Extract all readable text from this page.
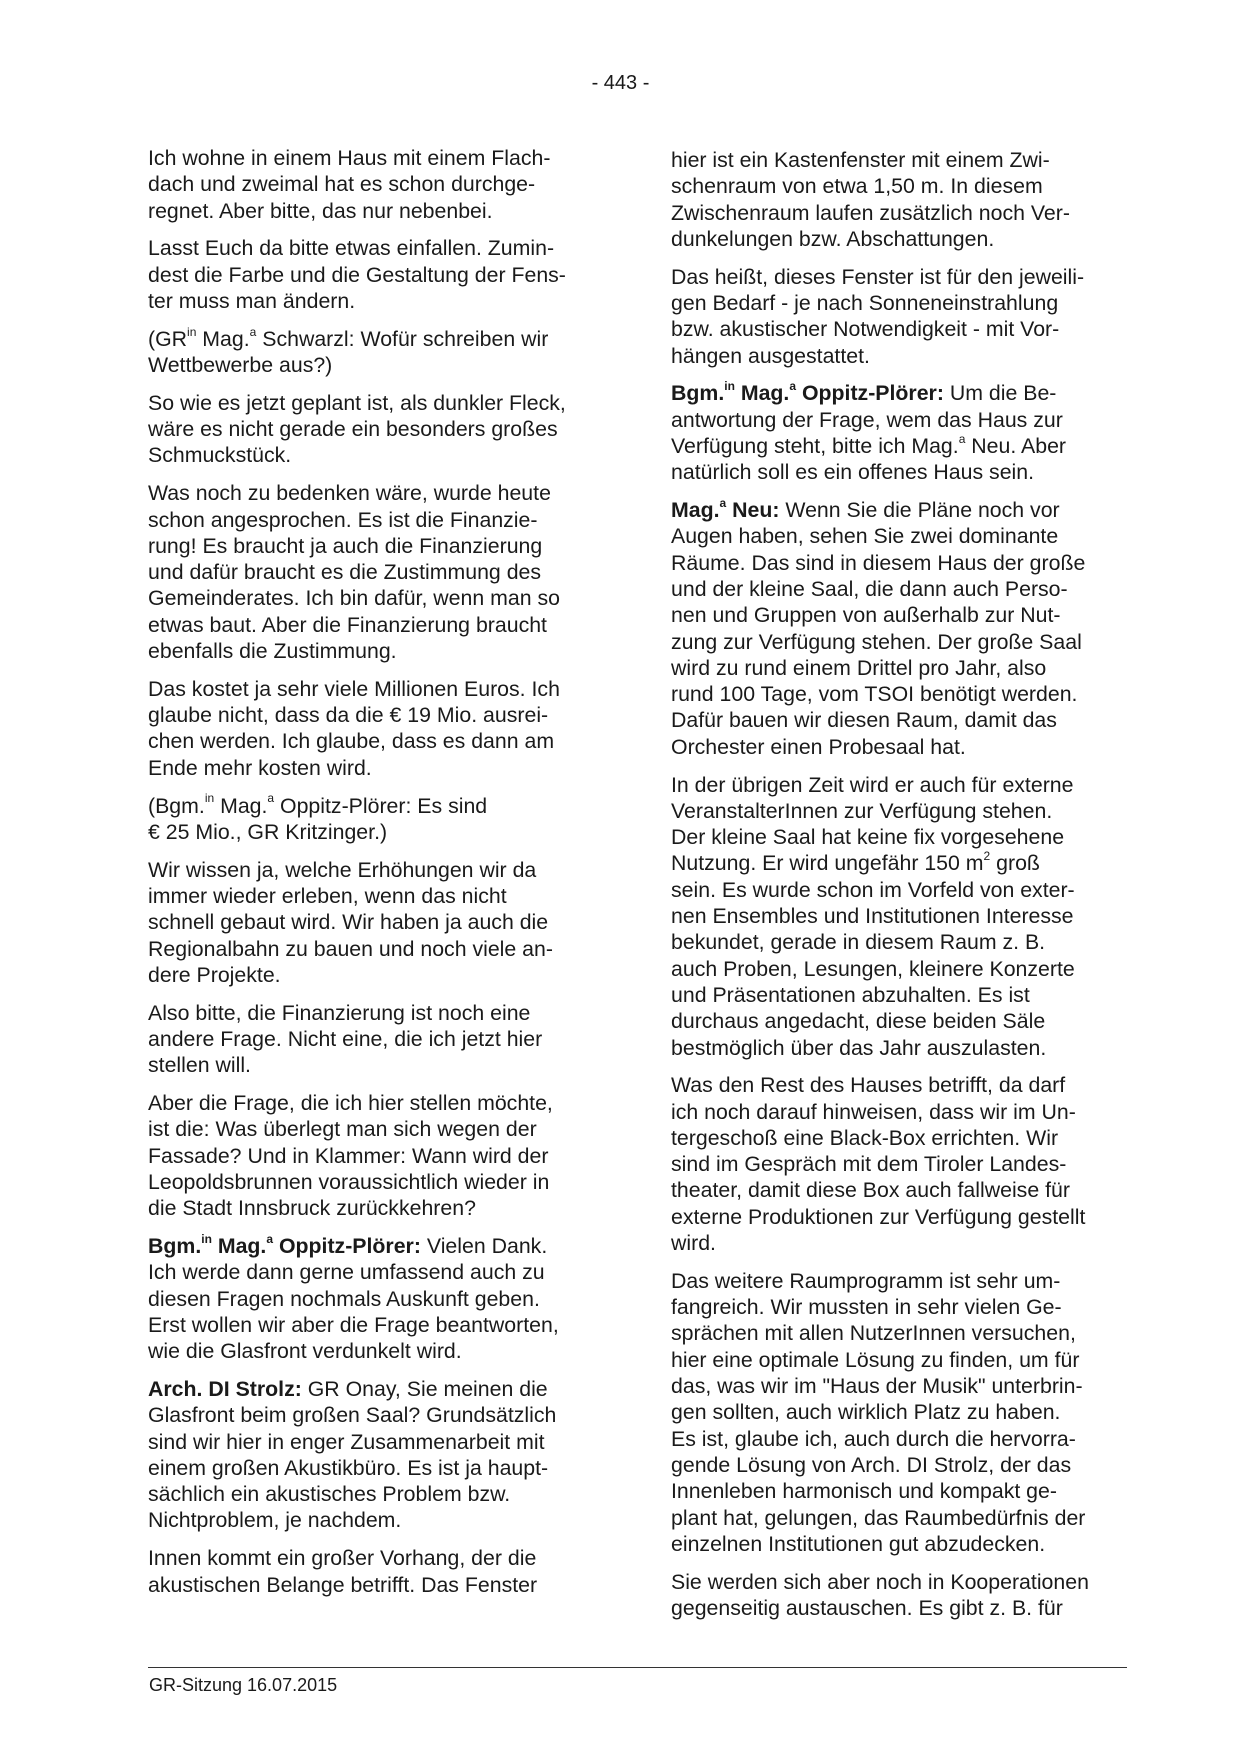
- 443 -

Ich wohne in einem Haus mit einem Flach-
dach und zweimal hat es schon durchge-
regnet. Aber bitte, das nur nebenbei.

Lasst Euch da bitte etwas einfallen. Zumin-
dest die Farbe und die Gestaltung der Fens-
ter muss man ändern.

($GR^{in}$ Mag.$^a$ Schwarzl: Wofür schreiben wir
Wettbewerbe aus?)

So wie es jetzt geplant ist, als dunkler Fleck,
wäre es nicht gerade ein besonders großes
Schmuckstück.

Was noch zu bedenken wäre, wurde heute
schon angesprochen. Es ist die Finanzie-
rung! Es braucht ja auch die Finanzierung
und dafür braucht es die Zustimmung des
Gemeinderates. Ich bin dafür, wenn man so
etwas baut. Aber die Finanzierung braucht
ebenfalls die Zustimmung.

Das kostet ja sehr viele Millionen Euros. Ich
glaube nicht, dass da die € 19 Mio. ausrei-
chen werden. Ich glaube, dass es dann am
Ende mehr kosten wird.

(Bgm.$^{in}$ Mag.$^a$ Oppitz-Plörer: Es sind
€ 25 Mio., GR Kritzinger.)

Wir wissen ja, welche Erhöhungen wir da
immer wieder erleben, wenn das nicht
schnell gebaut wird. Wir haben ja auch die
Regionalbahn zu bauen und noch viele an-
dere Projekte.

Also bitte, die Finanzierung ist noch eine
andere Frage. Nicht eine, die ich jetzt hier
stellen will.

Aber die Frage, die ich hier stellen möchte,
ist die: Was überlegt man sich wegen der
Fassade? Und in Klammer: Wann wird der
Leopoldsbrunnen voraussichtlich wieder in
die Stadt Innsbruck zurückkehren?

Bgm.$^{in}$ Mag.$^a$ Oppitz-Plörer: Vielen Dank.
Ich werde dann gerne umfassend auch zu
diesen Fragen nochmals Auskunft geben.
Erst wollen wir aber die Frage beantworten,
wie die Glasfront verdunkelt wird.

Arch. DI Strolz: GR Onay, Sie meinen die
Glasfront beim großen Saal? Grundsätzlich
sind wir hier in enger Zusammenarbeit mit
einem großen Akustikbüro. Es ist ja haupt-
sächlich ein akustisches Problem bzw.
Nichtproblem, je nachdem.

Innen kommt ein großer Vorhang, der die
akustischen Belange betrifft. Das Fenster

hier ist ein Kastenfenster mit einem Zwi-
schenraum von etwa 1,50 m. In diesem
Zwischenraum laufen zusätzlich noch Ver-
dunkelungen bzw. Abschattungen.

Das heißt, dieses Fenster ist für den jeweili-
gen Bedarf - je nach Sonneneinstrahlung
bzw. akustischer Notwendigkeit - mit Vor-
hängen ausgestattet.

Bgm.$^{in}$ Mag.$^a$ Oppitz-Plörer: Um die Be-
antwortung der Frage, wem das Haus zur
Verfügung steht, bitte ich Mag.$^a$ Neu. Aber
natürlich soll es ein offenes Haus sein.

Mag.$^a$ Neu: Wenn Sie die Pläne noch vor
Augen haben, sehen Sie zwei dominante
Räume. Das sind in diesem Haus der große
und der kleine Saal, die dann auch Perso-
nen und Gruppen von außerhalb zur Nut-
zung zur Verfügung stehen. Der große Saal
wird zu rund einem Drittel pro Jahr, also
rund 100 Tage, vom TSOI benötigt werden.
Dafür bauen wir diesen Raum, damit das
Orchester einen Probesaal hat.

In der übrigen Zeit wird er auch für externe
VeranstalterInnen zur Verfügung stehen.
Der kleine Saal hat keine fix vorgesehene
Nutzung. Er wird ungefähr 150 $m^2$ groß
sein. Es wurde schon im Vorfeld von exter-
nen Ensembles und Institutionen Interesse
bekundet, gerade in diesem Raum z. B.
auch Proben, Lesungen, kleinere Konzerte
und Präsentationen abzuhalten. Es ist
durchaus angedacht, diese beiden Säle
bestmöglich über das Jahr auszulasten.

Was den Rest des Hauses betrifft, da darf
ich noch darauf hinweisen, dass wir im Un-
tergeschoß eine Black-Box errichten. Wir
sind im Gespräch mit dem Tiroler Landes-
theater, damit diese Box auch fallweise für
externe Produktionen zur Verfügung gestellt
wird.

Das weitere Raumprogramm ist sehr um-
fangreich. Wir mussten in sehr vielen Ge-
sprächen mit allen NutzerInnen versuchen,
hier eine optimale Lösung zu finden, um für
das, was wir im "Haus der Musik" unterbrin-
gen sollten, auch wirklich Platz zu haben.
Es ist, glaube ich, auch durch die hervorra-
gende Lösung von Arch. DI Strolz, der das
Innenleben harmonisch und kompakt ge-
plant hat, gelungen, das Raumbedürfnis der
einzelnen Institutionen gut abzudecken.

Sie werden sich aber noch in Kooperationen
gegenseitig austauschen. Es gibt z. B. für

GR-Sitzung 16.07.2015
